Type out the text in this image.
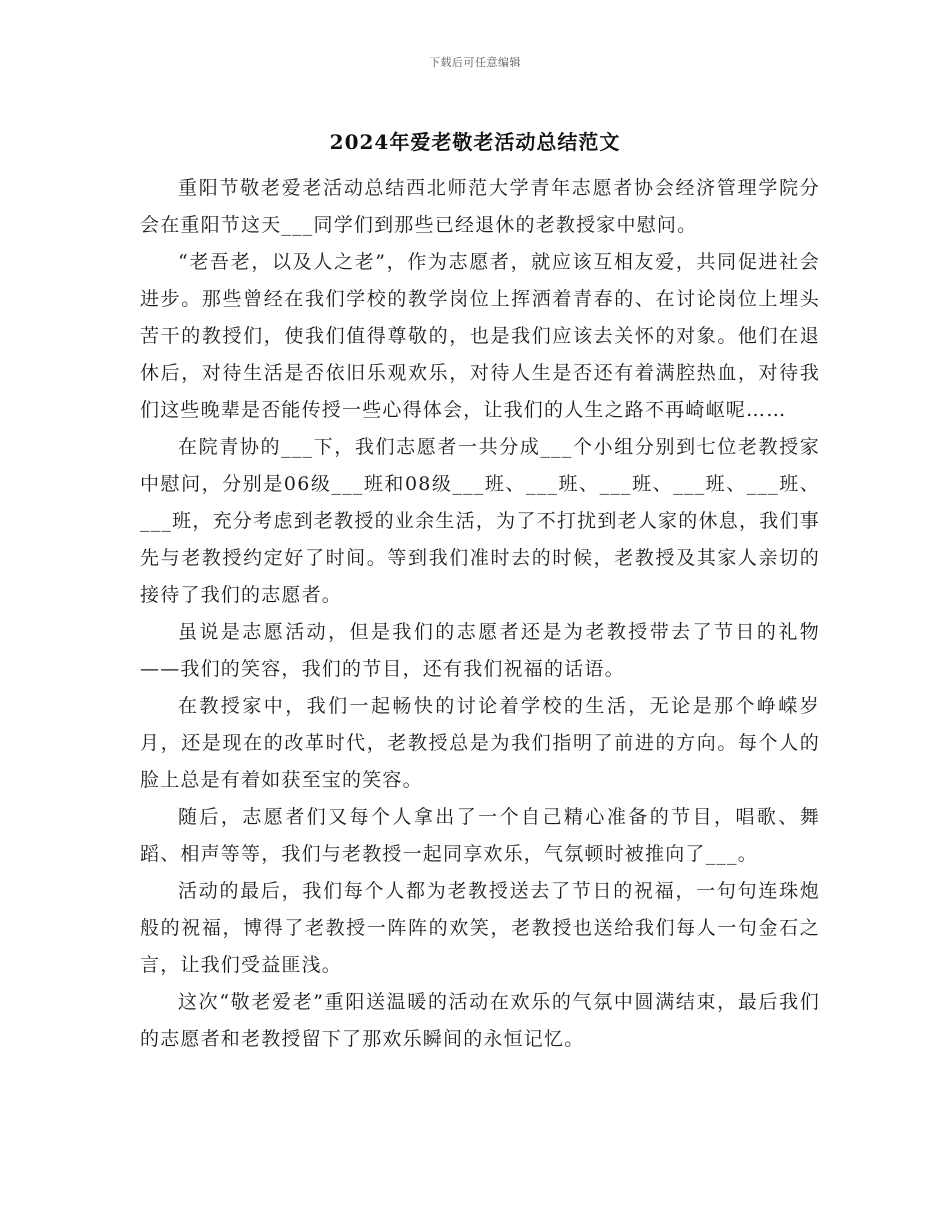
下载后可任意编辑
2024年爱老敬老活动总结范文

重阳节敬老爱老活动总结西北师范大学青年志愿者协会经济管理学院分会在重阳节这天___同学们到那些已经退休的老教授家中慰问。

“老吾老，以及人之老”，作为志愿者，就应该互相友爱，共同促进社会进步。那些曾经在我们学校的教学岗位上挥洒着青春的、在讨论岗位上埋头苦干的教授们，使我们值得尊敬的，也是我们应该去关怀的对象。他们在退休后，对待生活是否依旧乐观欢乐，对待人生是否还有着满腔热血，对待我们这些晚辈是否能传授一些心得体会，让我们的人生之路不再崎岖呢……

在院青协的___下，我们志愿者一共分成___个小组分别到七位老教授家中慰问，分别是06级___班和08级___班、___班、___班、___班、___班、___班，充分考虑到老教授的业余生活，为了不打扰到老人家的休息，我们事先与老教授约定好了时间。等到我们准时去的时候，老教授及其家人亲切的接待了我们的志愿者。

虽说是志愿活动，但是我们的志愿者还是为老教授带去了节日的礼物——我们的笑容，我们的节目，还有我们祝福的话语。

在教授家中，我们一起畅快的讨论着学校的生活，无论是那个峥嵘岁月，还是现在的改革时代，老教授总是为我们指明了前进的方向。每个人的脸上总是有着如获至宝的笑容。

随后，志愿者们又每个人拿出了一个自己精心准备的节目，唱歌、舞蹈、相声等等，我们与老教授一起同享欢乐，气氛顿时被推向了___。

活动的最后，我们每个人都为老教授送去了节日的祝福，一句句连珠炮般的祝福，博得了老教授一阵阵的欢笑，老教授也送给我们每人一句金石之言，让我们受益匪浅。

这次“敬老爱老”重阳送温暖的活动在欢乐的气氛中圆满结束，最后我们的志愿者和老教授留下了那欢乐瞬间的永恒记忆。
